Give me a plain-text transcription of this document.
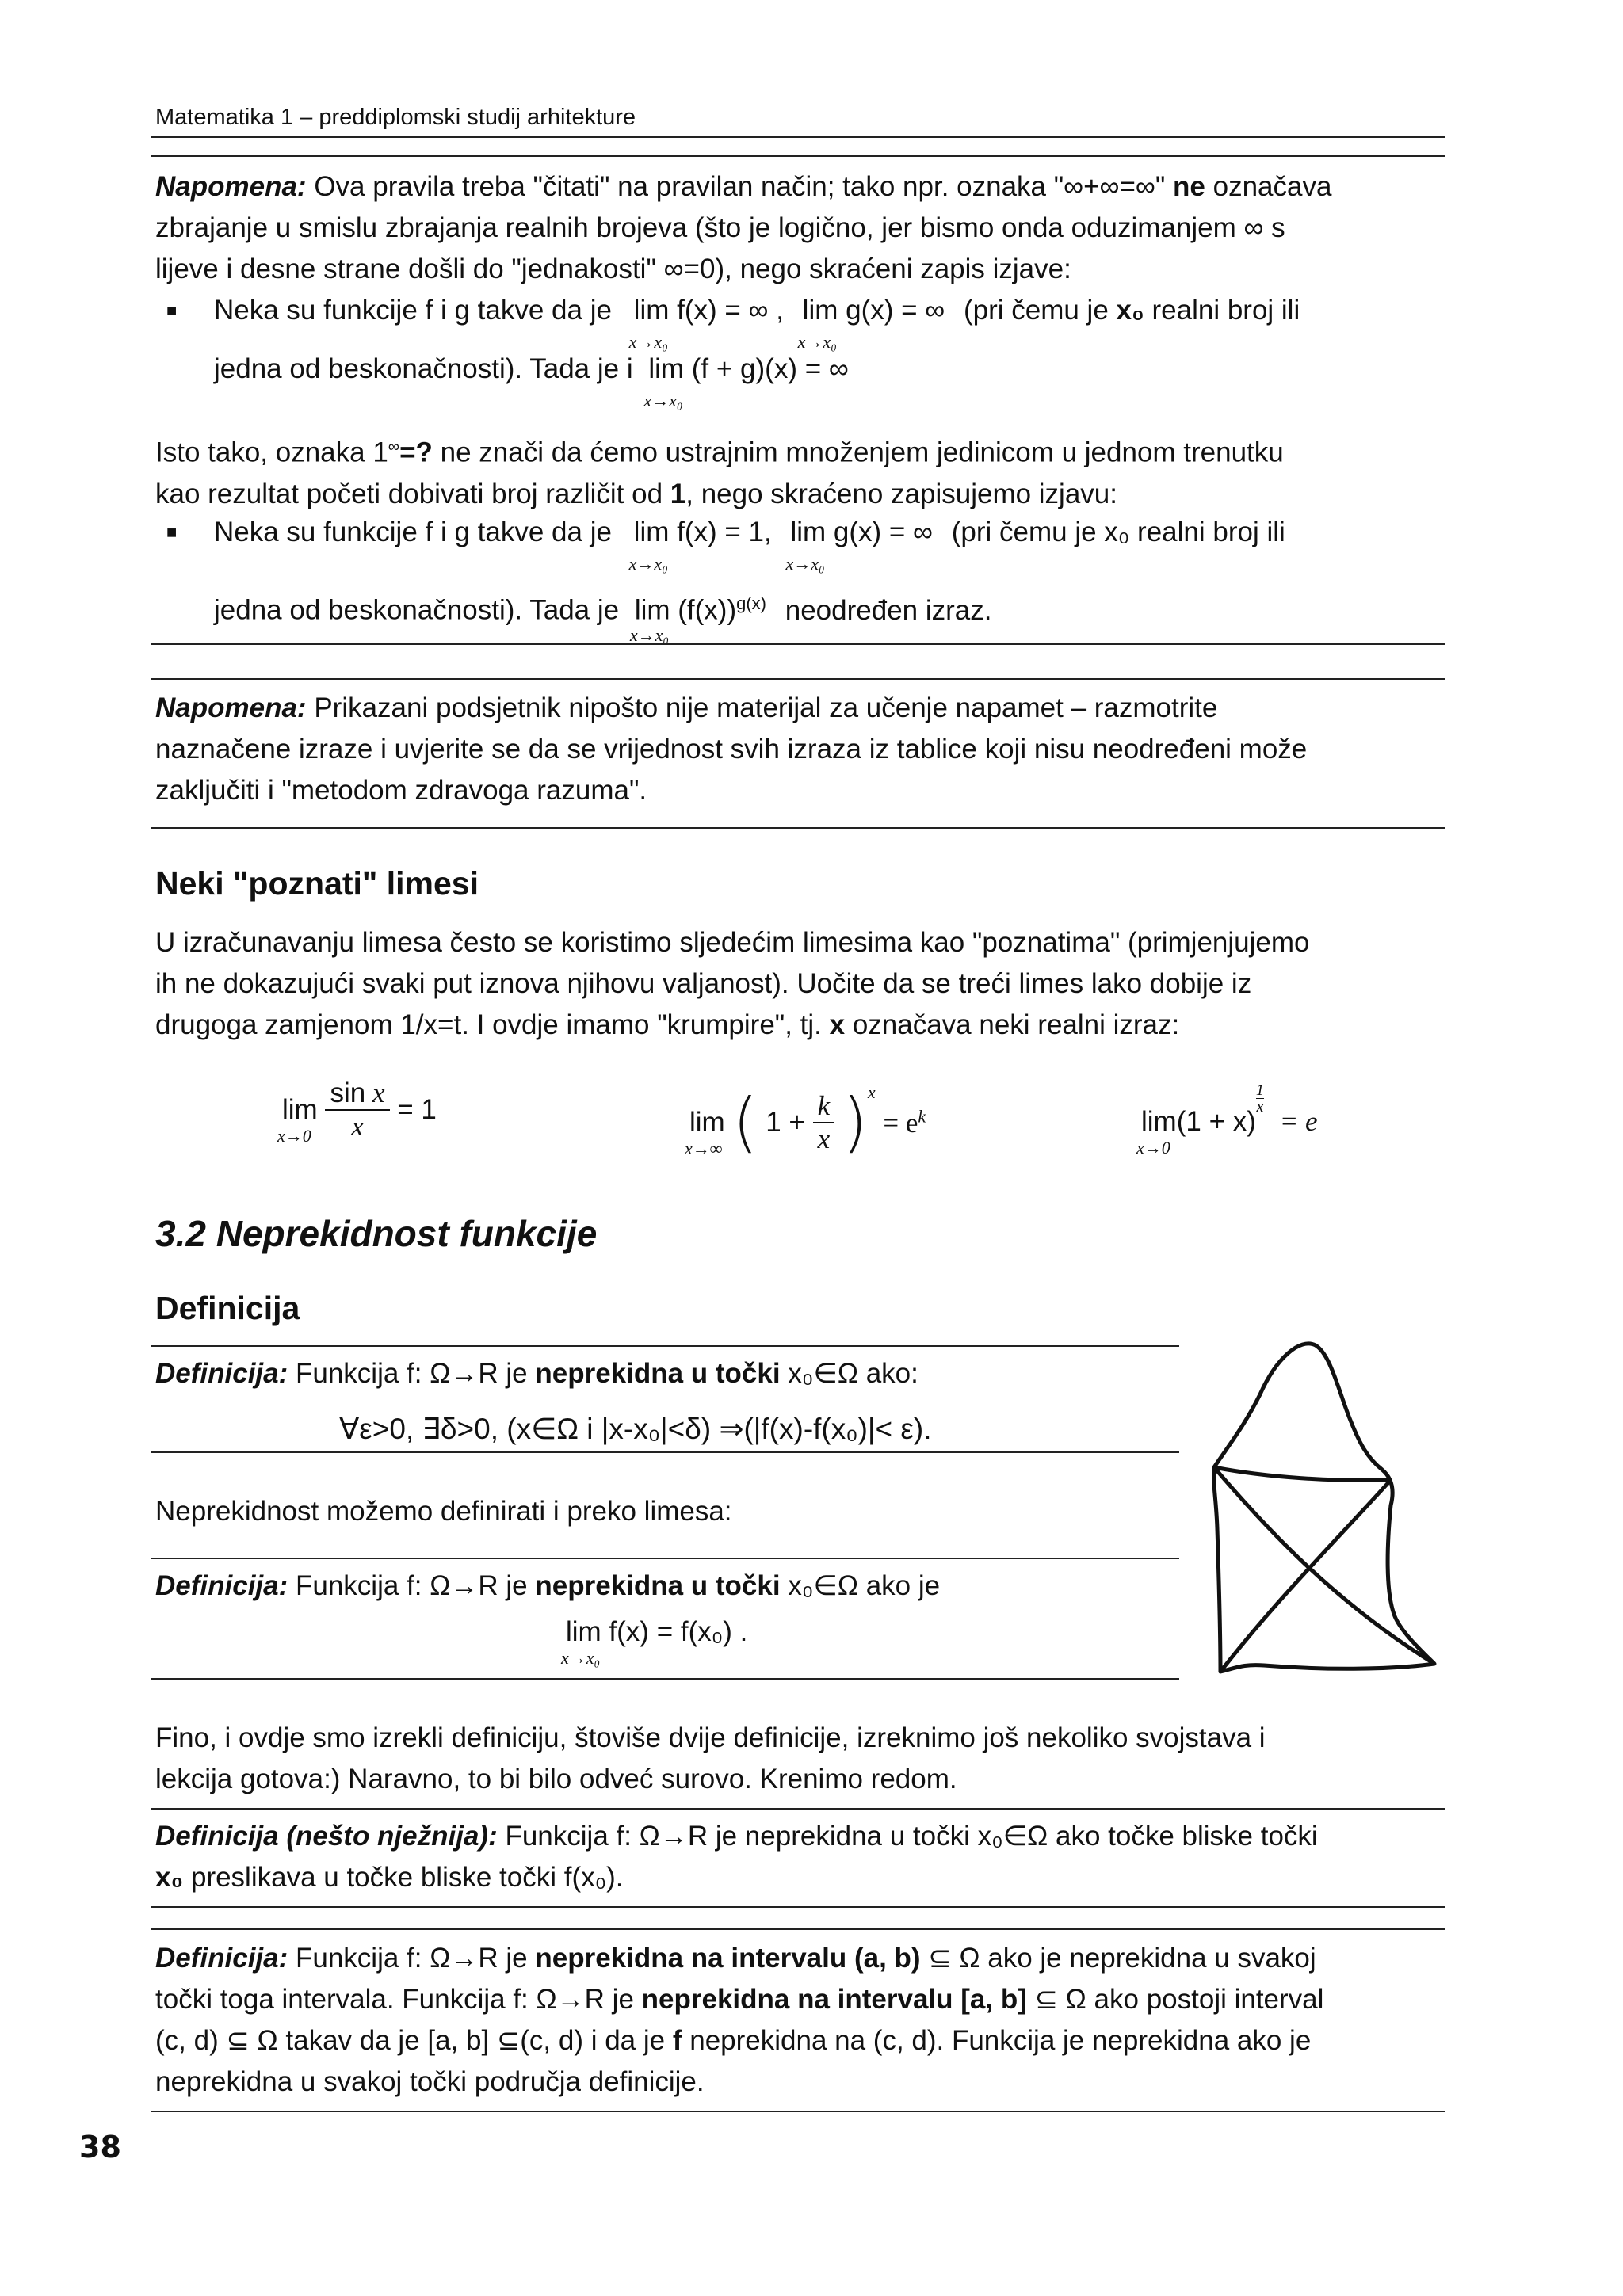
Matematika 1 – preddiplomski studij arhitekture
Napomena: Ova pravila treba "čitati" na pravilan način; tako npr. oznaka "∞+∞=∞" ne označava
zbrajanje u smislu zbrajanja realnih brojeva (što je logično, jer bismo onda oduzimanjem ∞ s
lijeve i desne strane došli do "jednakosti" ∞=0), nego skraćeni zapis izjave:
■ Neka su funkcije f i g takve da je lim f(x) = ∞ ,
x→x₀
lim g(x) = ∞
x→x₀
(pri čemu je x₀ realni broj ili
jedna od beskonačnosti). Tada je i lim (f + g)(x) = ∞
x→x₀
Isto tako, oznaka 1∞=? ne znači da ćemo ustrajnim množenjem jedinicom u jednom trenutku
kao rezultat početi dobivati broj različit od 1, nego skraćeno zapisujemo izjavu:
■ Neka su funkcije f i g takve da je lim f(x) = 1,
x→x₀
lim g(x) = ∞
x→x₀
(pri čemu je x₀ realni broj ili
jedna od beskonačnosti). Tada je $\lim (f(x))^{g(x)}$
x→x₀
neodređen izraz.
Napomena: Prikazani podsjetnik nipošto nije materijal za učenje napamet – razmotrite
naznačene izraze i uvjerite se da se vrijednost svih izraza iz tablice koji nisu neodređeni može
zaključiti i "metodom zdravoga razuma".
Neki "poznati" limesi
U izračunavanju limesa često se koristimo sljedećim limesima kao "poznatima" (primjenjujemo
ih ne dokazujući svaki put iznova njihovu valjanost). Uočite da se treći limes lako dobije iz
drugoga zamjenom 1/x=t. I ovdje imamo "krumpire", tj. x označava neki realni izraz:
lim
x→0
$\frac{\text{sin x}}{x} = 1$	lim
x→∞ ( $1 + \frac{k}{x} )^x = e^k$	lim
x→0
(1 + x)
$\frac{1}{x}$
= e
3.2 Neprekidnost funkcije
Definicija
Definicija: Funkcija f: Ω→R je neprekidna u točki x₀∈Ω ako:
∀ε>0, ∃δ>0, (x∈Ω i |x-x₀|<δ) ⇒(|f(x)-f(x₀)|< ε).
Neprekidnost možemo definirati i preko limesa:
Definicija: Funkcija f: Ω→R je neprekidna u točki x₀∈Ω ako je
lim f(x) = f(x₀) .
x→x₀
Fino, i ovdje smo izrekli definiciju, štoviše dvije definicije, izreknimo još nekoliko svojstava i
lekcija gotova:) Naravno, to bi bilo odveć surovo. Krenimo redom.
Definicija (nešto nježnija): Funkcija f: Ω→R je neprekidna u točki x₀∈Ω ako točke bliske točki
x₀ preslikava u točke bliske točki f(x₀).
Definicija: Funkcija f: Ω→R je neprekidna na intervalu (a, b) ⊆ Ω ako je neprekidna u svakoj
točki toga intervala. Funkcija f: Ω→R je neprekidna na intervalu [a, b] ⊆ Ω ako postoji interval
(c, d) ⊆ Ω takav da je [a, b] ⊆(c, d) i da je f neprekidna na (c, d). Funkcija je neprekidna ako je
neprekidna u svakoj točki područja definicije.
38
